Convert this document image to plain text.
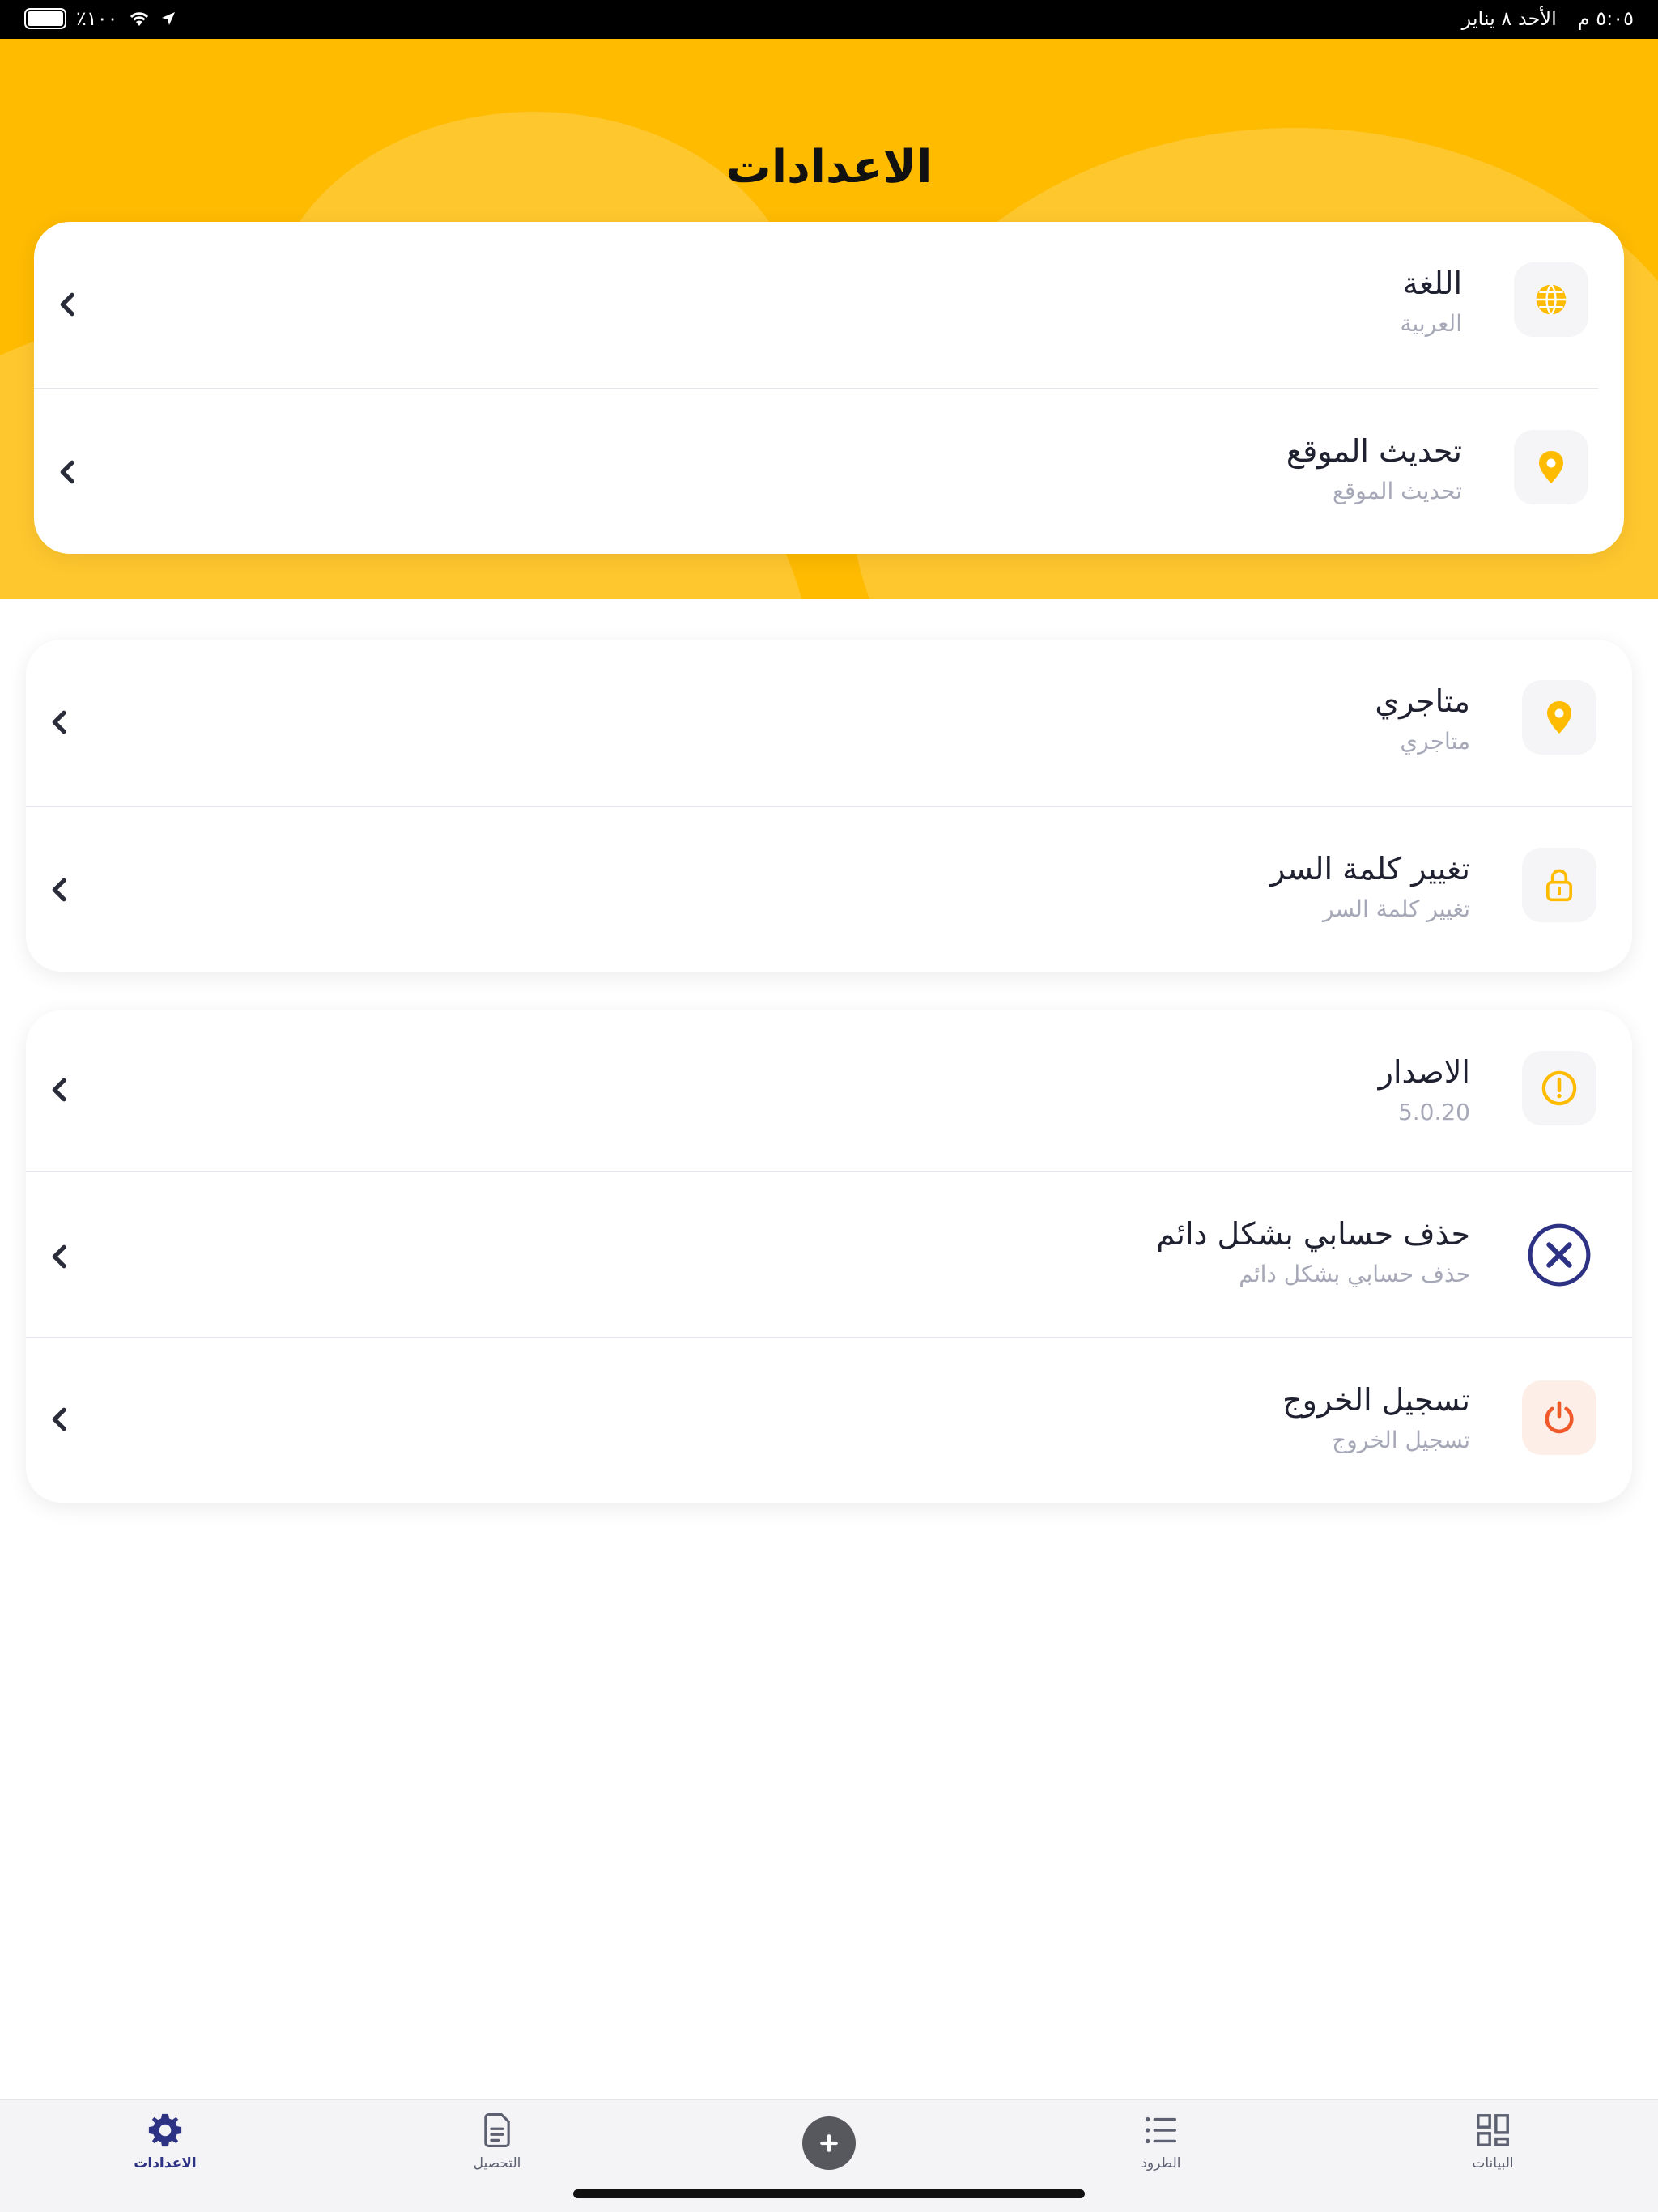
٥:٠٥ م
الأحد ٨ يناير
٪١٠٠
الاعدادات
اللغة
العربية
تحديث الموقع
تحديث الموقع
متاجري
متاجري
تغيير كلمة السر
تغيير كلمة السر
الاصدار
5.0.20
حذف حسابي بشكل دائم
حذف حسابي بشكل دائم
تسجيل الخروج
تسجيل الخروج
الاعدادات	التحصيل	الطرود	البيانات
